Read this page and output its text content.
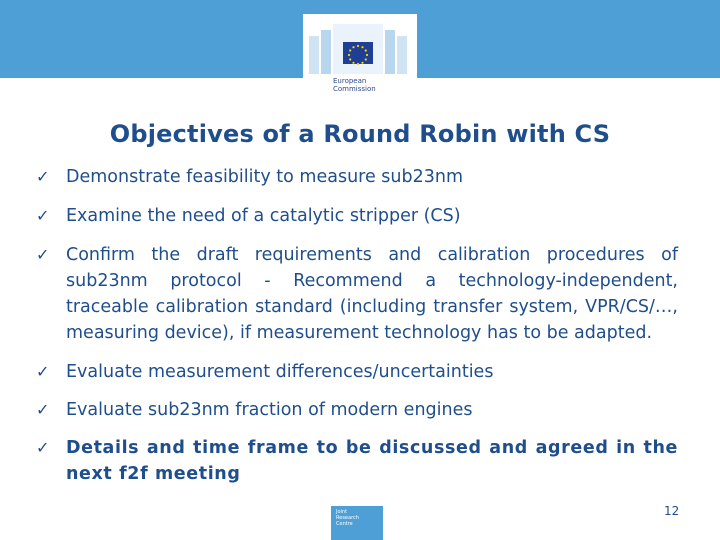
European
Commission
Objectives of a Round Robin with CS
✓ Demonstrate feasibility to measure sub23nm
✓ Examine the need of a catalytic stripper (CS)
✓ Confirm the draft requirements and calibration procedures of sub23nm protocol - Recommend a technology-independent, traceable calibration standard (including transfer system, VPR/CS/…, measuring device), if measurement technology has to be adapted.
✓ Evaluate measurement differences/uncertainties
✓ Evaluate sub23nm fraction of modern engines
✓ Details and time frame to be discussed and agreed in the next f2f meeting
Joint
Research
Centre
12
